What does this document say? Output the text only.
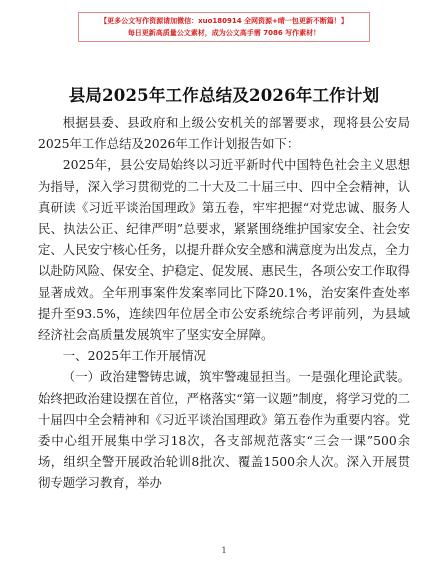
【更多公文写作资源请加微信：xuo180914 全网资源+晴一包更新不断篇！】
每日更新高质量公文素材，成为公文高手需 7086 写作素材！
县局2025年工作总结及2026年工作计划

根据县委、县政府和上级公安机关的部署要求，现将县公安局2025年工作总结及2026年工作计划报告如下：

2025年，县公安局始终以习近平新时代中国特色社会主义思想为指导，深入学习贯彻党的二十大及二十届三中、四中全会精神，认真研读《习近平谈治国理政》第五卷，牢牢把握“对党忠诚、服务人民、执法公正、纪律严明”总要求，紧紧围绕维护国家安全、社会安定、人民安宁核心任务，以提升群众安全感和满意度为出发点，全力以赴防风险、保安全、护稳定、促发展、惠民生，各项公安工作取得显著成效。全年刑事案件发案率同比下降20.1%，治安案件查处率提升至93.5%，连续四年位居全市公安系统综合考评前列，为县域经济社会高质量发展筑牢了坚实安全屏障。

一、2025年工作开展情况

（一）政治建警铸忠诚，筑牢警魂显担当。一是强化理论武装。始终把政治建设摆在首位，严格落实“第一议题”制度，将学习党的二十届四中全会精神和《习近平谈治国理政》第五卷作为重要内容。党委中心组开展集中学习18次，各支部规范落实“三会一课”500余场，组织全警开展政治轮训8批次、覆盖1500余人次。深入开展贯彻专题学习教育，举办

1
